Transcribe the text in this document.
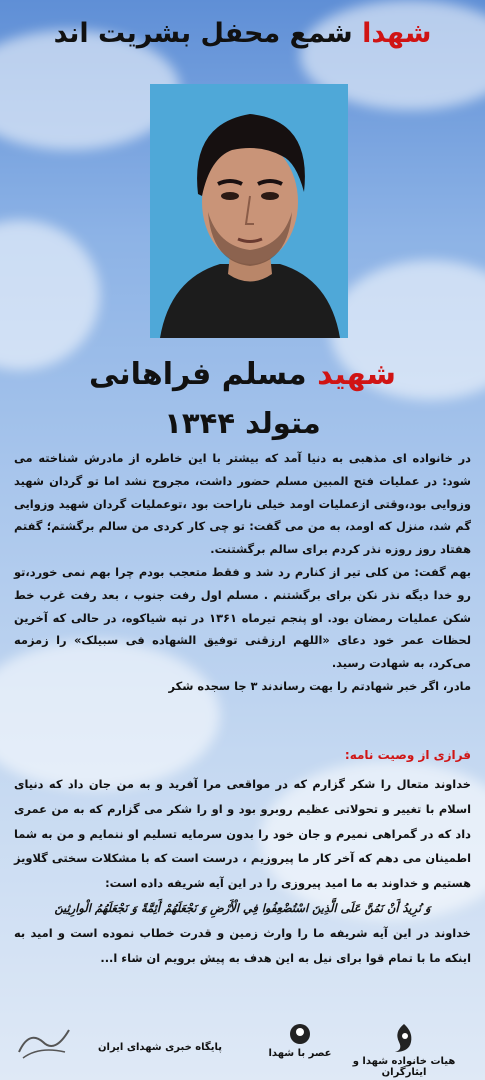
شهدا شمع محفل بشریت اند
شهید مسلم فراهانی
متولد ۱۳۴۴

در خانواده ای مذهبی به دنیا آمد که بیشتر با این خاطره از مادرش شناخته می شود: در عملیات فتح المبین مسلم حضور داشت، مجروح نشد اما تو گردان شهید وزوایی بود،وقتی ازعملیات اومد خیلی ناراحت بود ،توعملیات گردان شهید وزوایی گم شد، منزل که اومد، به من می گفت: تو چی کار کردی من سالم برگشتم؛ گفتم هفتاد روز روزه نذر کردم برای سالم برگشتنت.

بهم گفت: من کلی تیر از کنارم رد شد و فقط متعجب بودم چرا بهم نمی خورد،تو رو خدا دیگه نذر نکن برای برگشتنم . مسلم اول رفت جنوب ، بعد رفت غرب خط شکن عملیات رمضان بود. او پنجم تیرماه ۱۳۶۱ در تپه شیاکوه، در حالی که آخرین لحظات عمر خود دعای «اللهم ارزقنی توفیق الشهاده فی سبیلک» را زمزمه می‌کرد، به شهادت رسید.

مادر، اگر خبر شهادتم را بهت رساندند ۳ جا سجده شکر

فرازی از وصیت نامه:

خداوند متعال را شکر گزارم که در مواقعی مرا آفرید و به من جان داد که دنیای اسلام با تغییر و تحولاتی عظیم روبرو بود و او را شکر می گزارم که به من عمری داد که در گمراهی نمیرم و جان خود را بدون سرمایه تسلیم او ننمایم و من به شما اطمینان می دهم که آخر کار ما پیروزیم ، درست است که با مشکلات سختی گلاویز هستیم و خداوند به ما امید پیروزی را در این آیه شریفه داده است:

وَ نُرِيدُ أَنْ نَمُنَّ عَلَى الَّذِينَ اسْتُضْعِفُوا فِي الْأَرْضِ وَ نَجْعَلَهُمْ أَئِمَّةً وَ نَجْعَلَهُمُ الْوارِثِينَ

خداوند در این آیه شریفه ما را وارث زمین و قدرت خطاب نموده است و امید به اینکه ما با تمام قوا برای نیل به این هدف به پیش برویم ان شاء ا...

هیات خانواده شهدا و ایثارگران
عصر با شهدا
پایگاه خبری شهدای ایران
